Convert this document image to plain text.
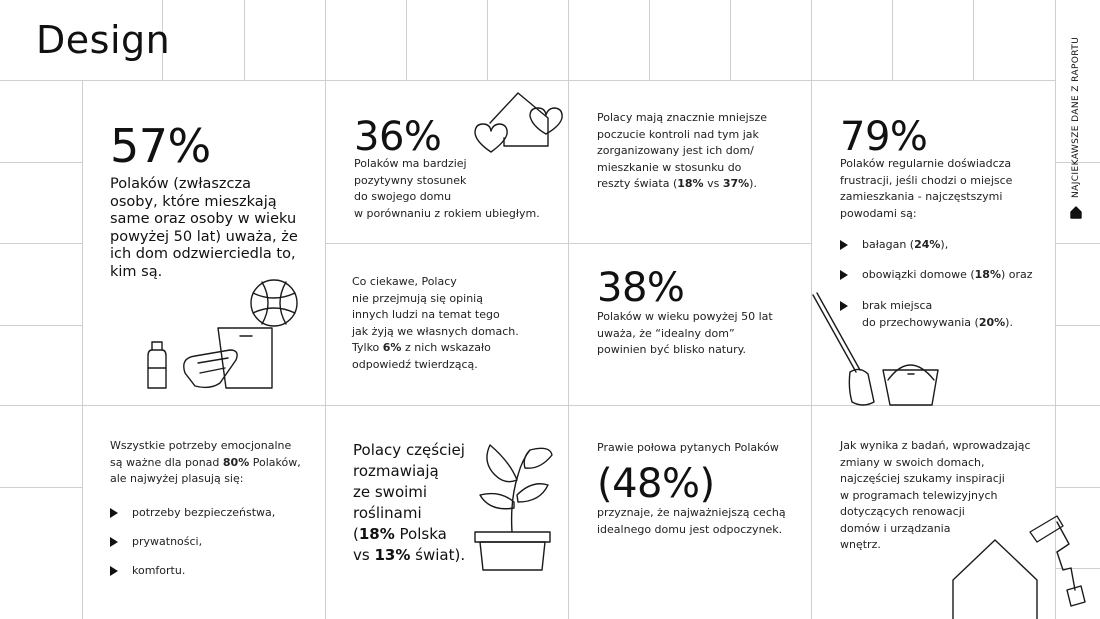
Design	NAJCIEKAWSZE DANE Z RAPORTU
57%
Polaków (zwłaszcza osoby, które mieszkają same oraz osoby w wieku powyżej 50 lat) uważa, że ich dom odzwierciedla to, kim są.
36%
Polaków ma bardziej
pozytywny stosunek
do swojego domu
w porównaniu z rokiem ubiegłym.
Polacy mają znacznie mniejsze
poczucie kontroli nad tym jak
zorganizowany jest ich dom/
mieszkanie w stosunku do
reszty świata (18% vs 37%).
79%
Polaków regularnie doświadcza
frustracji, jeśli chodzi o miejsce
zamieszkania - najczęstszymi
powodami są:
bałagan ( 24% ),
obowiązki domowe ( 18% ) oraz
brak miejsca
do przechowywania (20%).
Co ciekawe, Polacy
nie przejmują się opinią
innych ludzi na temat tego
jak żyją we własnych domach.
Tylko 6% z nich wskazało
odpowiedź twierdzącą.
38%
Polaków w wieku powyżej 50 lat
uważa, że “idealny dom”
powinien być blisko natury.
Wszystkie potrzeby emocjonalne
są ważne dla ponad 80% Polaków,
ale najwyżej plasują się:
potrzeby bezpieczeństwa,
prywatności,
komfortu.
Polacy częściej
rozmawiają
ze swoimi
roślinami
(18% Polska
vs 13% świat).
Prawie połowa pytanych Polaków
(48%)
przyznaje, że najważniejszą cechą
idealnego domu jest odpoczynek.
Jak wynika z badań, wprowadzając
zmiany w swoich domach,
najczęściej szukamy inspiracji
w programach telewizyjnych
dotyczących renowacji
domów i urządzania
wnętrz.
